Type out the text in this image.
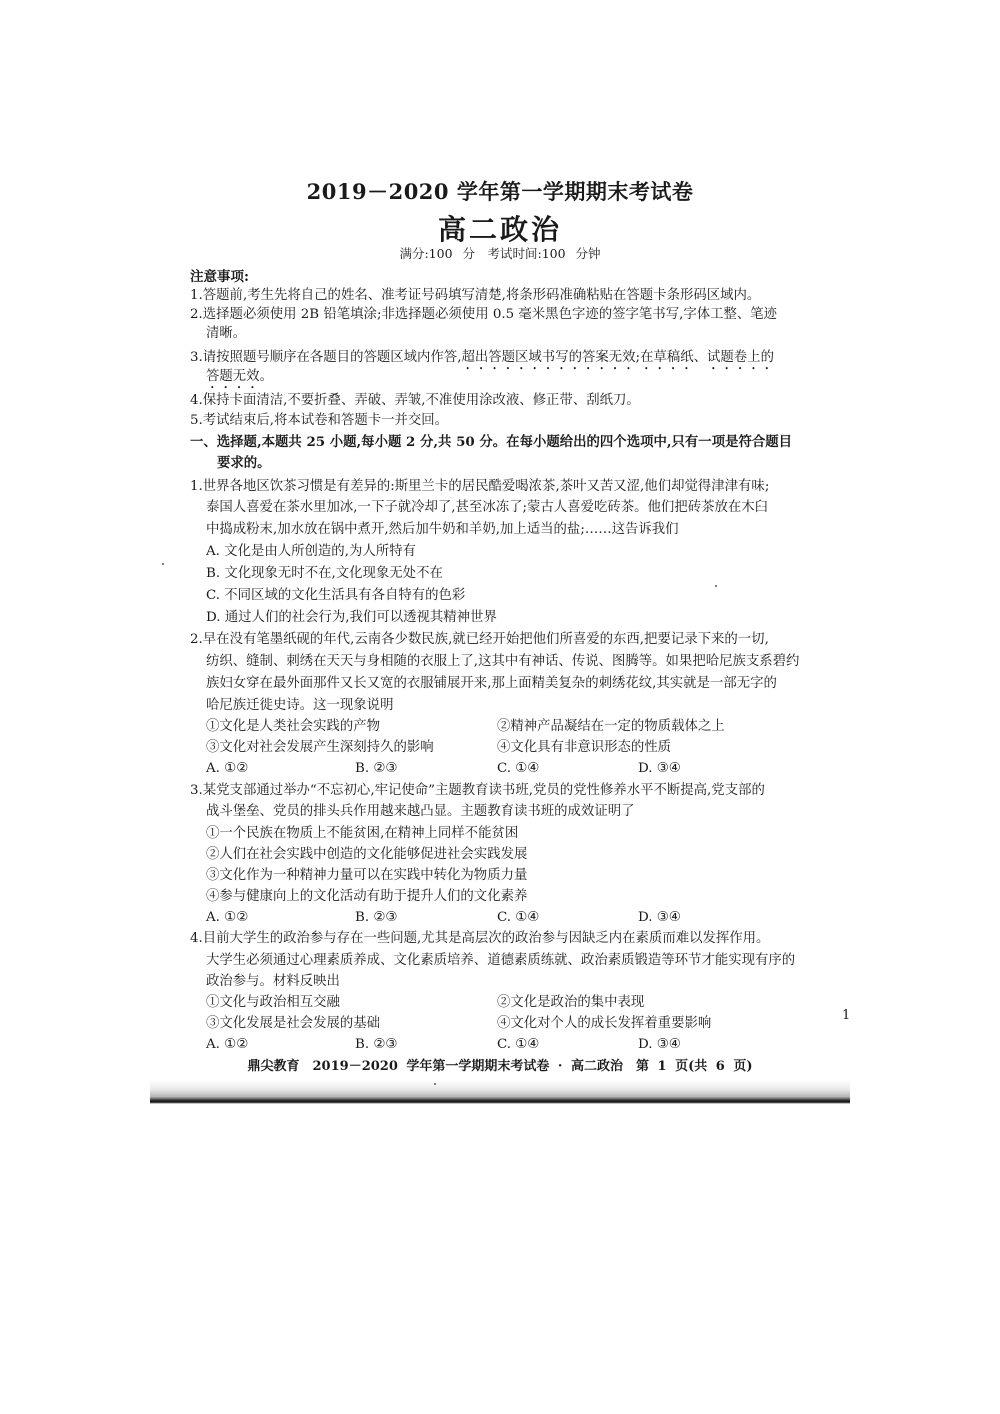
2019－2020 学年第一学期期末考试卷
高二政治
满分:100 分　考试时间:100 分钟
注意事项:
1.答题前,考生先将自己的姓名、准考证号码填写清楚,将条形码准确粘贴在答题卡条形码区域内。
2.选择题必须使用 2B 铅笔填涂;非选择题必须使用 0.5 毫米黑色字迹的签字笔书写,字体工整、笔迹
清晰。
3.请按照题号顺序在各题目的答题区域内作答,超出答题区域书写的答案无效;在草稿纸、试题卷上的
答题无效。
4.保持卡面清洁,不要折叠、弄破、弄皱,不准使用涂改液、修正带、刮纸刀。
5.考试结束后,将本试卷和答题卡一并交回。
一、选择题,本题共 25 小题,每小题 2 分,共 50 分。在每小题给出的四个选项中,只有一项是符合题目
要求的。
1.世界各地区饮茶习惯是有差异的:斯里兰卡的居民酷爱喝浓茶,茶叶又苦又涩,他们却觉得津津有味;
泰国人喜爱在茶水里加冰,一下子就冷却了,甚至冰冻了;蒙古人喜爱吃砖茶。他们把砖茶放在木臼
中捣成粉末,加水放在锅中煮开,然后加牛奶和羊奶,加上适当的盐;……这告诉我们
A. 文化是由人所创造的,为人所特有
B. 文化现象无时不在,文化现象无处不在
C. 不同区域的文化生活具有各自特有的色彩
D. 通过人们的社会行为,我们可以透视其精神世界
2.早在没有笔墨纸砚的年代,云南各少数民族,就已经开始把他们所喜爱的东西,把要记录下来的一切,
纺织、缝制、刺绣在天天与身相随的衣服上了,这其中有神话、传说、图腾等。如果把哈尼族支系碧约
族妇女穿在最外面那件又长又宽的衣服铺展开来,那上面精美复杂的刺绣花纹,其实就是一部无字的
哈尼族迁徙史诗。这一现象说明
①文化是人类社会实践的产物	②精神产品凝结在一定的物质载体之上
③文化对社会发展产生深刻持久的影响	④文化具有非意识形态的性质
A. ①②	B. ②③	C. ①④	D. ③④
3.某党支部通过举办“不忘初心,牢记使命”主题教育读书班,党员的党性修养水平不断提高,党支部的
战斗堡垒、党员的排头兵作用越来越凸显。主题教育读书班的成效证明了
①一个民族在物质上不能贫困,在精神上同样不能贫困
②人们在社会实践中创造的文化能够促进社会实践发展
③文化作为一种精神力量可以在实践中转化为物质力量
④参与健康向上的文化活动有助于提升人们的文化素养
A. ①②	B. ②③	C. ①④	D. ③④
4.目前大学生的政治参与存在一些问题,尤其是高层次的政治参与因缺乏内在素质而难以发挥作用。
大学生必须通过心理素质养成、文化素质培养、道德素质练就、政治素质锻造等环节才能实现有序的
政治参与。材料反映出
①文化与政治相互交融	②文化是政治的集中表现
③文化发展是社会发展的基础	④文化对个人的成长发挥着重要影响
A. ①②	B. ②③	C. ①④	D. ③④
1
鼎尖教育　2019－2020 学年第一学期期末考试卷 · 高二政治　第 1 页(共 6 页)
